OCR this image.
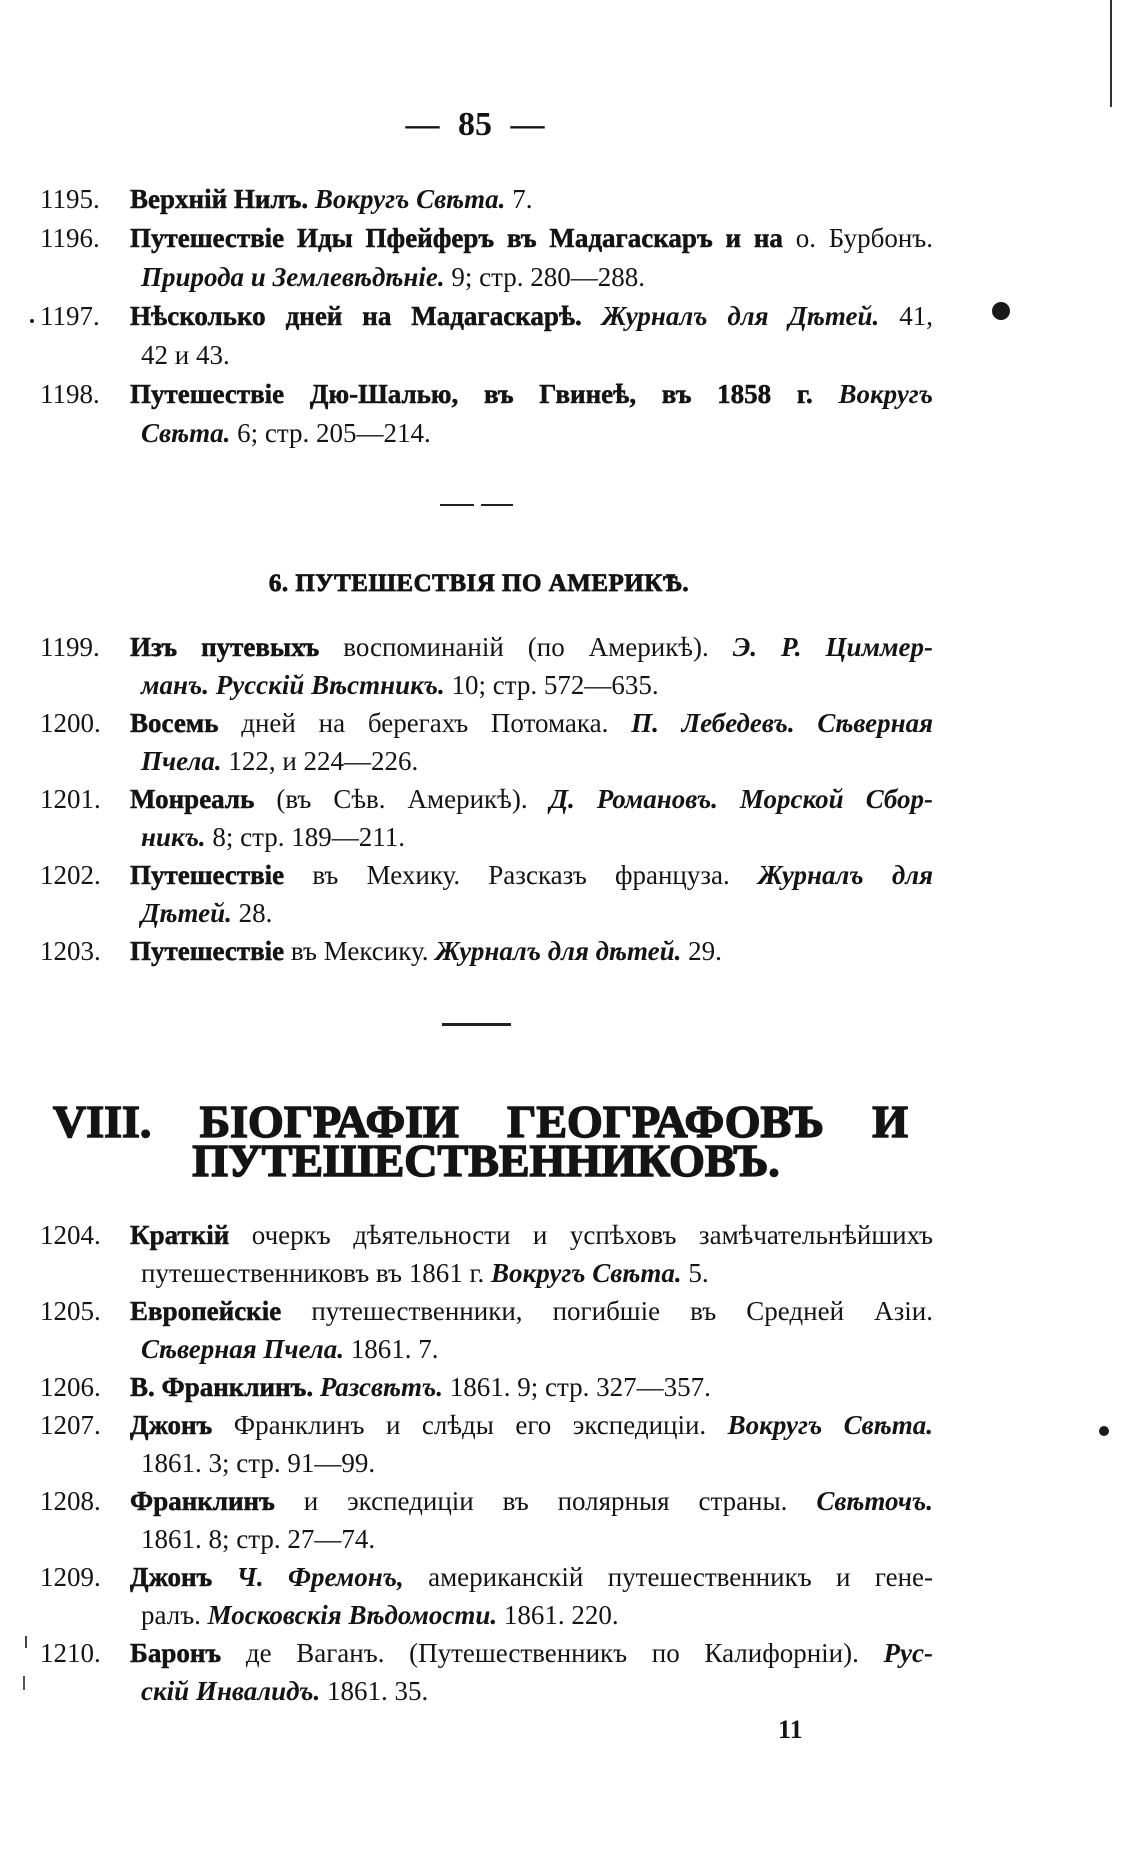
— 85 —
1195. Верхній Нилъ. Вокругъ Свѣта. 7.
1196. Путешествіе Иды Пфейферъ въ Мадагаскаръ и на о. Бурбонъ.
Природа и Землевѣдѣніе. 9; стр. 280—288.
1197. Нѣсколько дней на Мадагаскарѣ. Журналъ для Дѣтей. 41,
42 и 43.
1198. Путешествіе Дю-Шалью, въ Гвинеѣ, въ 1858 г. Вокругъ
Свѣта. 6; стр. 205—214.
6. ПУТЕШЕСТВІЯ ПО АМЕРИКѢ.
1199. Изъ путевыхъ воспоминаній (по Америкѣ). Э. Р. Циммер-
манъ. Русскій Вѣстникъ. 10; стр. 572—635.
1200. Восемь дней на берегахъ Потомака. П. Лебедевъ. Сѣверная
Пчела. 122, и 224—226.
1201. Монреаль (въ Сѣв. Америкѣ). Д. Романовъ. Морской Сбор-
никъ. 8; стр. 189—211.
1202. Путешествіе въ Мехику. Разсказъ француза. Журналъ для
Дѣтей. 28.
1203. Путешествіе въ Мексику. Журналъ для дѣтей. 29.
VIII. БІОГРАФІИ ГЕОГРАФОВЪ И
ПУТЕШЕСТВЕННИКОВЪ.
1204. Краткій очеркъ дѣятельности и успѣховъ замѣчательнѣйшихъ
путешественниковъ въ 1861 г. Вокругъ Свѣта. 5.
1205. Европейскіе путешественники, погибшіе въ Средней Азіи.
Сѣверная Пчела. 1861. 7.
1206. В. Франклинъ. Разсвѣтъ. 1861. 9; стр. 327—357.
1207. Джонъ Франклинъ и слѣды его экспедиціи. Вокругъ Свѣта.
1861. 3; стр. 91—99.
1208. Франклинъ и экспедиціи въ полярныя страны. Свѣточъ.
1861. 8; стр. 27—74.
1209. Джонъ Ч. Фремонъ, американскій путешественникъ и гене-
ралъ. Московскія Вѣдомости. 1861. 220.
1210. Баронъ де Ваганъ. (Путешественникъ по Калифорніи). Рус-
скій Инвалидъ. 1861. 35.
11
